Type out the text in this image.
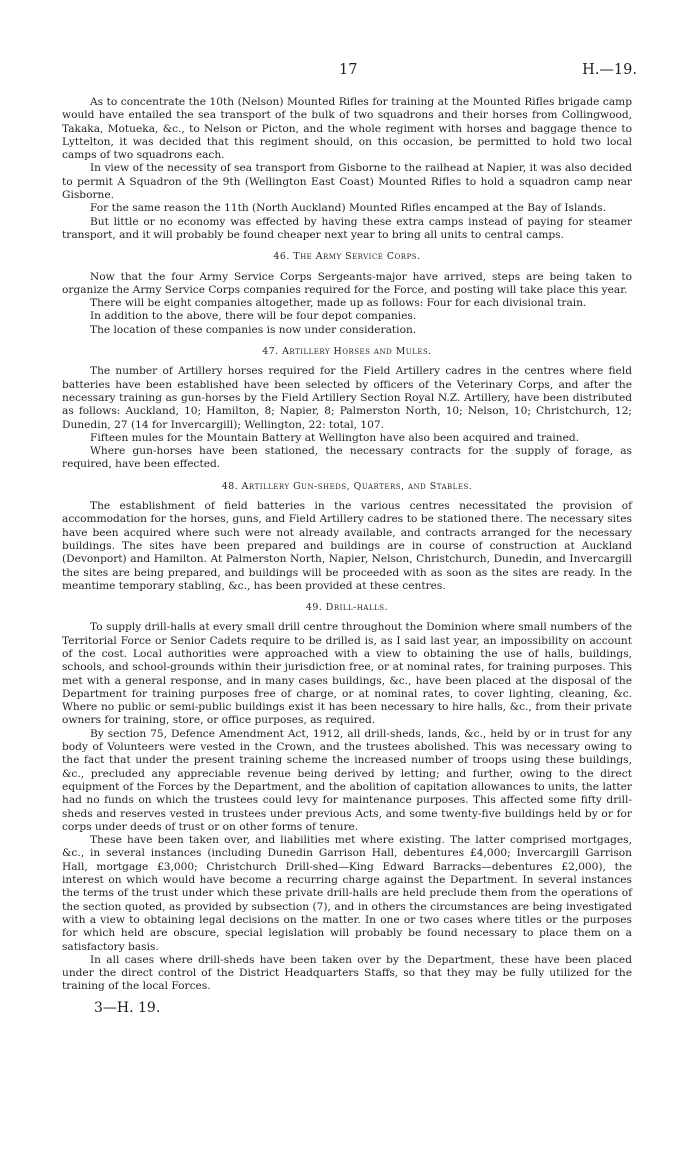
17	H.—19.

As to concentrate the 10th (Nelson) Mounted Rifles for training at the Mounted Rifles brigade camp would have entailed the sea transport of the bulk of two squadrons and their horses from Collingwood, Takaka, Motueka, &c., to Nelson or Picton, and the whole regiment with horses and baggage thence to Lyttelton, it was decided that this regiment should, on this occasion, be permitted to hold two local camps of two squadrons each.

In view of the necessity of sea transport from Gisborne to the railhead at Napier, it was also decided to permit A Squadron of the 9th (Wellington East Coast) Mounted Rifles to hold a squadron camp near Gisborne.

For the same reason the 11th (North Auckland) Mounted Rifles encamped at the Bay of Islands.

But little or no economy was effected by having these extra camps instead of paying for steamer transport, and it will probably be found cheaper next year to bring all units to central camps.

46. The Army Service Corps.

Now that the four Army Service Corps Sergeants-major have arrived, steps are being taken to organize the Army Service Corps companies required for the Force, and posting will take place this year.

There will be eight companies altogether, made up as follows: Four for each divisional train.

In addition to the above, there will be four depot companies.

The location of these companies is now under consideration.

47. Artillery Horses and Mules.

The number of Artillery horses required for the Field Artillery cadres in the centres where field batteries have been established have been selected by officers of the Veterinary Corps, and after the necessary training as gun-horses by the Field Artillery Section Royal N.Z. Artillery, have been distributed as follows: Auckland, 10; Hamilton, 8; Napier, 8; Palmerston North, 10; Nelson, 10; Christchurch, 12; Dunedin, 27 (14 for Invercargill); Wellington, 22: total, 107.

Fifteen mules for the Mountain Battery at Wellington have also been acquired and trained.

Where gun-horses have been stationed, the necessary contracts for the supply of forage, as required, have been effected.

48. Artillery Gun-sheds, Quarters, and Stables.

The establishment of field batteries in the various centres necessitated the provision of accommodation for the horses, guns, and Field Artillery cadres to be stationed there. The necessary sites have been acquired where such were not already available, and contracts arranged for the necessary buildings. The sites have been prepared and buildings are in course of construction at Auckland (Devonport) and Hamilton. At Palmerston North, Napier, Nelson, Christchurch, Dunedin, and Invercargill the sites are being prepared, and buildings will be proceeded with as soon as the sites are ready. In the meantime temporary stabling, &c., has been provided at these centres.

49. Drill-halls.

To supply drill-halls at every small drill centre throughout the Dominion where small numbers of the Territorial Force or Senior Cadets require to be drilled is, as I said last year, an impossibility on account of the cost. Local authorities were approached with a view to obtaining the use of halls, buildings, schools, and school-grounds within their jurisdiction free, or at nominal rates, for training purposes. This met with a general response, and in many cases buildings, &c., have been placed at the disposal of the Department for training purposes free of charge, or at nominal rates, to cover lighting, cleaning, &c. Where no public or semi-public buildings exist it has been necessary to hire halls, &c., from their private owners for training, store, or office purposes, as required.

By section 75, Defence Amendment Act, 1912, all drill-sheds, lands, &c., held by or in trust for any body of Volunteers were vested in the Crown, and the trustees abolished. This was necessary owing to the fact that under the present training scheme the increased number of troops using these buildings, &c., precluded any appreciable revenue being derived by letting; and further, owing to the direct equipment of the Forces by the Department, and the abolition of capitation allowances to units, the latter had no funds on which the trustees could levy for maintenance purposes. This affected some fifty drill-sheds and reserves vested in trustees under previous Acts, and some twenty-five buildings held by or for corps under deeds of trust or on other forms of tenure.

These have been taken over, and liabilities met where existing. The latter comprised mortgages, &c., in several instances (including Dunedin Garrison Hall, debentures £4,000; Invercargill Garrison Hall, mortgage £3,000; Christchurch Drill-shed—King Edward Barracks—debentures £2,000), the interest on which would have become a recurring charge against the Department. In several instances the terms of the trust under which these private drill-halls are held preclude them from the operations of the section quoted, as provided by subsection (7), and in others the circumstances are being investigated with a view to obtaining legal decisions on the matter. In one or two cases where titles or the purposes for which held are obscure, special legislation will probably be found necessary to place them on a satisfactory basis.

In all cases where drill-sheds have been taken over by the Department, these have been placed under the direct control of the District Headquarters Staffs, so that they may be fully utilized for the training of the local Forces.

3—H. 19.
